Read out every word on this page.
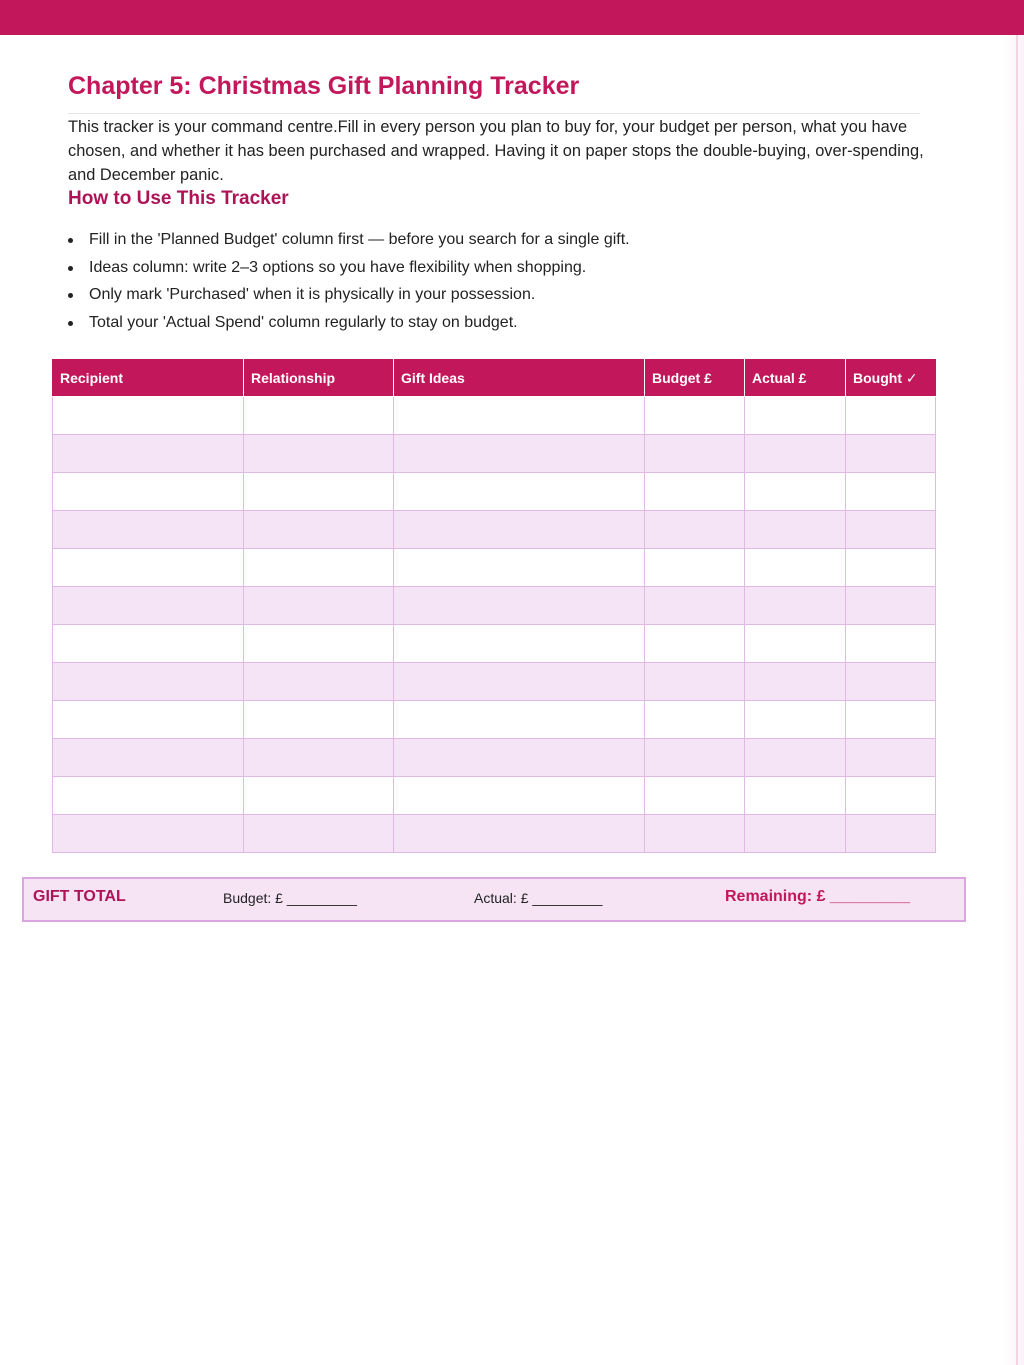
Chapter 5: Christmas Gift Planning Tracker

This tracker is your command centre.Fill in every person you plan to buy for, your budget per person, what you have chosen, and whether it has been purchased and wrapped. Having it on paper stops the double-buying, over-spending, and December panic.

How to Use This Tracker
Fill in the 'Planned Budget' column first — before you search for a single gift.
Ideas column: write 2–3 options so you have flexibility when shopping.
Only mark 'Purchased' when it is physically in your possession.
Total your 'Actual Spend' column regularly to stay on budget.
Recipient	Relationship	Gift Ideas	Budget £	Actual £	Bought ✓

GIFT TOTAL	Budget: £ _________	Actual: £ _________	Remaining: £ _________
